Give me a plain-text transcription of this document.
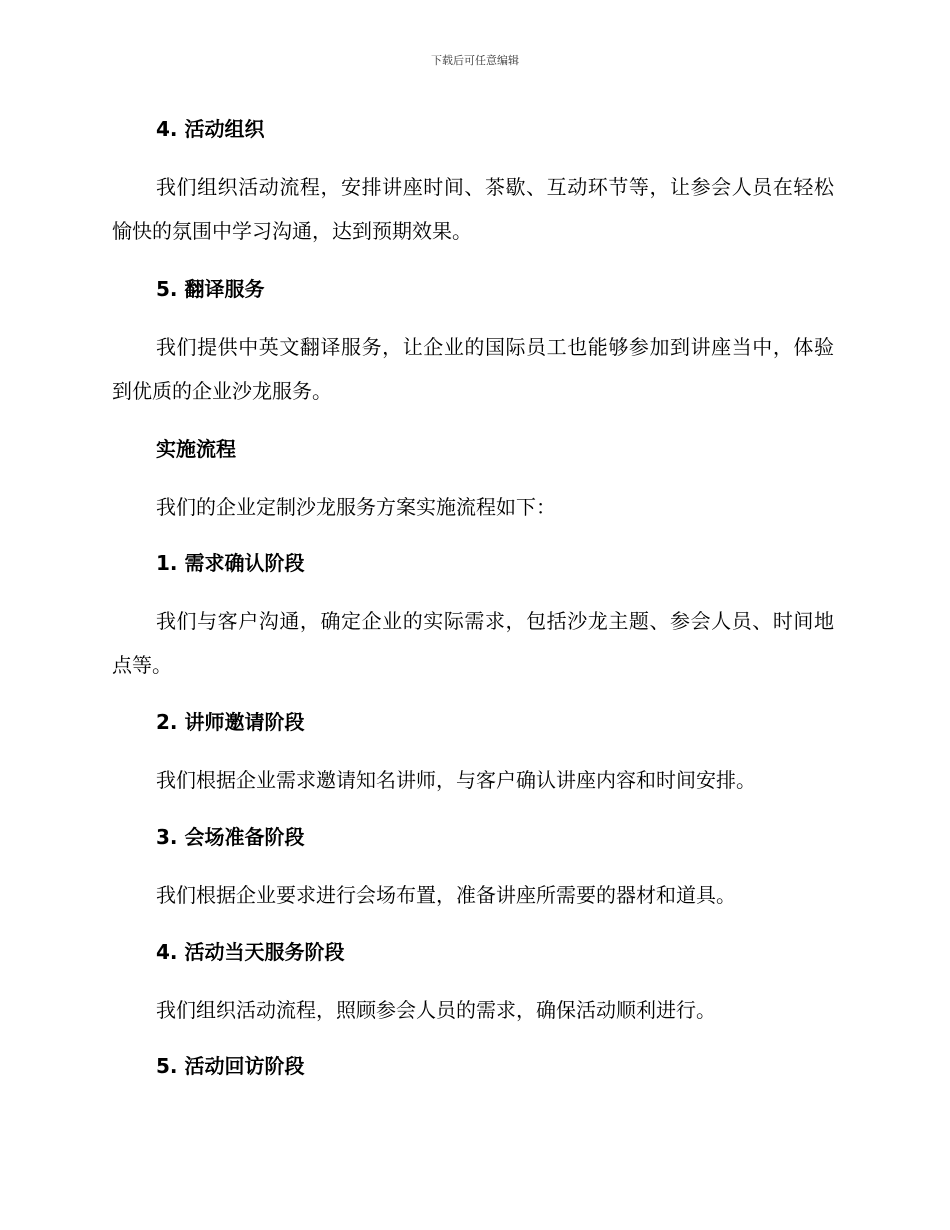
下载后可任意编辑
4. 活动组织
我们组织活动流程，安排讲座时间、茶歇、互动环节等，让参会人员在轻松愉快的氛围中学习沟通，达到预期效果。
5. 翻译服务
我们提供中英文翻译服务，让企业的国际员工也能够参加到讲座当中，体验到优质的企业沙龙服务。
实施流程
我们的企业定制沙龙服务方案实施流程如下：
1. 需求确认阶段
我们与客户沟通，确定企业的实际需求，包括沙龙主题、参会人员、时间地点等。
2. 讲师邀请阶段
我们根据企业需求邀请知名讲师，与客户确认讲座内容和时间安排。
3. 会场准备阶段
我们根据企业要求进行会场布置，准备讲座所需要的器材和道具。
4. 活动当天服务阶段
我们组织活动流程，照顾参会人员的需求，确保活动顺利进行。
5. 活动回访阶段
